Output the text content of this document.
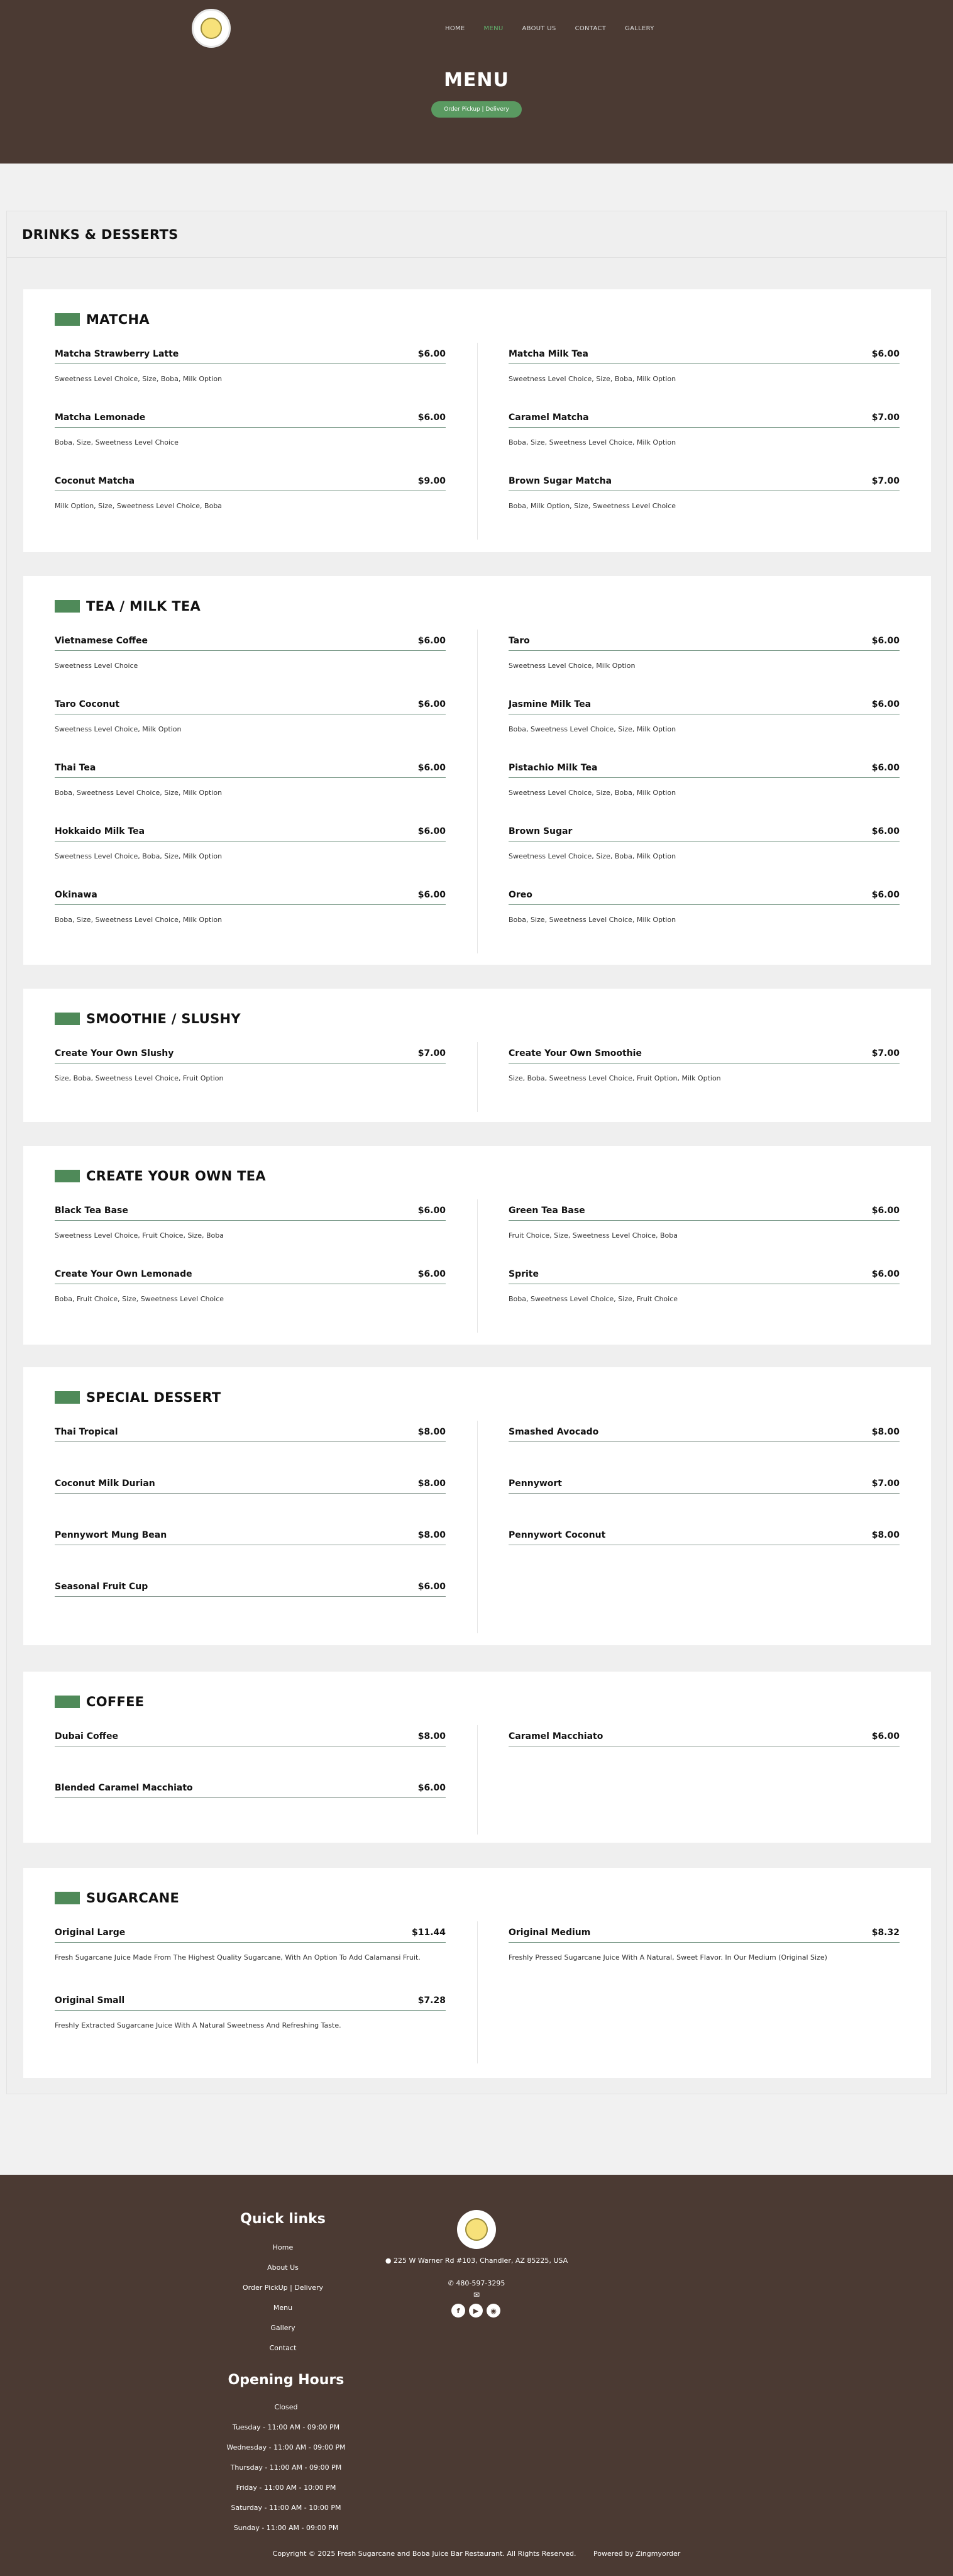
HOME	MENU	ABOUT US	CONTACT	GALLERY
MENU
Order Pickup | Delivery
DRINKS & DESSERTS
MATCHA
Matcha Strawberry Latte	$6.00
Sweetness Level Choice, Size, Boba, Milk Option
Matcha Lemonade	$6.00
Boba, Size, Sweetness Level Choice
Coconut Matcha	$9.00
Milk Option, Size, Sweetness Level Choice, Boba
Matcha Milk Tea	$6.00
Sweetness Level Choice, Size, Boba, Milk Option
Caramel Matcha	$7.00
Boba, Size, Sweetness Level Choice, Milk Option
Brown Sugar Matcha	$7.00
Boba, Milk Option, Size, Sweetness Level Choice
TEA / MILK TEA
Vietnamese Coffee	$6.00
Sweetness Level Choice
Taro Coconut	$6.00
Sweetness Level Choice, Milk Option
Thai Tea	$6.00
Boba, Sweetness Level Choice, Size, Milk Option
Hokkaido Milk Tea	$6.00
Sweetness Level Choice, Boba, Size, Milk Option
Okinawa	$6.00
Boba, Size, Sweetness Level Choice, Milk Option
Taro	$6.00
Sweetness Level Choice, Milk Option
Jasmine Milk Tea	$6.00
Boba, Sweetness Level Choice, Size, Milk Option
Pistachio Milk Tea	$6.00
Sweetness Level Choice, Size, Boba, Milk Option
Brown Sugar	$6.00
Sweetness Level Choice, Size, Boba, Milk Option
Oreo	$6.00
Boba, Size, Sweetness Level Choice, Milk Option
SMOOTHIE / SLUSHY
Create Your Own Slushy	$7.00
Size, Boba, Sweetness Level Choice, Fruit Option
Create Your Own Smoothie	$7.00
Size, Boba, Sweetness Level Choice, Fruit Option, Milk Option
CREATE YOUR OWN TEA
Black Tea Base	$6.00
Sweetness Level Choice, Fruit Choice, Size, Boba
Create Your Own Lemonade	$6.00
Boba, Fruit Choice, Size, Sweetness Level Choice
Green Tea Base	$6.00
Fruit Choice, Size, Sweetness Level Choice, Boba
Sprite	$6.00
Boba, Sweetness Level Choice, Size, Fruit Choice
SPECIAL DESSERT
Thai Tropical	$8.00
Coconut Milk Durian	$8.00
Pennywort Mung Bean	$8.00
Seasonal Fruit Cup	$6.00
Smashed Avocado	$8.00
Pennywort	$7.00
Pennywort Coconut	$8.00
COFFEE
Dubai Coffee	$8.00
Blended Caramel Macchiato	$6.00
Caramel Macchiato	$6.00
SUGARCANE
Original Large	$11.44
Fresh Sugarcane Juice Made From The Highest Quality Sugarcane, With An Option To Add Calamansi Fruit.
Original Small	$7.28
Freshly Extracted Sugarcane Juice With A Natural Sweetness And Refreshing Taste.
Original Medium	$8.32
Freshly Pressed Sugarcane Juice With A Natural, Sweet Flavor. In Our Medium (Original Size)
Quick links
Home
About Us
Order PickUp | Delivery
Menu
Gallery
Contact
● 225 W Warner Rd #103, Chandler, AZ 85225, USA
✆ 480-597-3295
✉
f	▶	◉
Opening Hours
Closed
Tuesday - 11:00 AM - 09:00 PM
Wednesday - 11:00 AM - 09:00 PM
Thursday - 11:00 AM - 09:00 PM
Friday - 11:00 AM - 10:00 PM
Saturday - 11:00 AM - 10:00 PM
Sunday - 11:00 AM - 09:00 PM
Copyright © 2025 Fresh Sugarcane and Boba Juice Bar Restaurant. All Rights Reserved.	Powered by Zingmyorder
